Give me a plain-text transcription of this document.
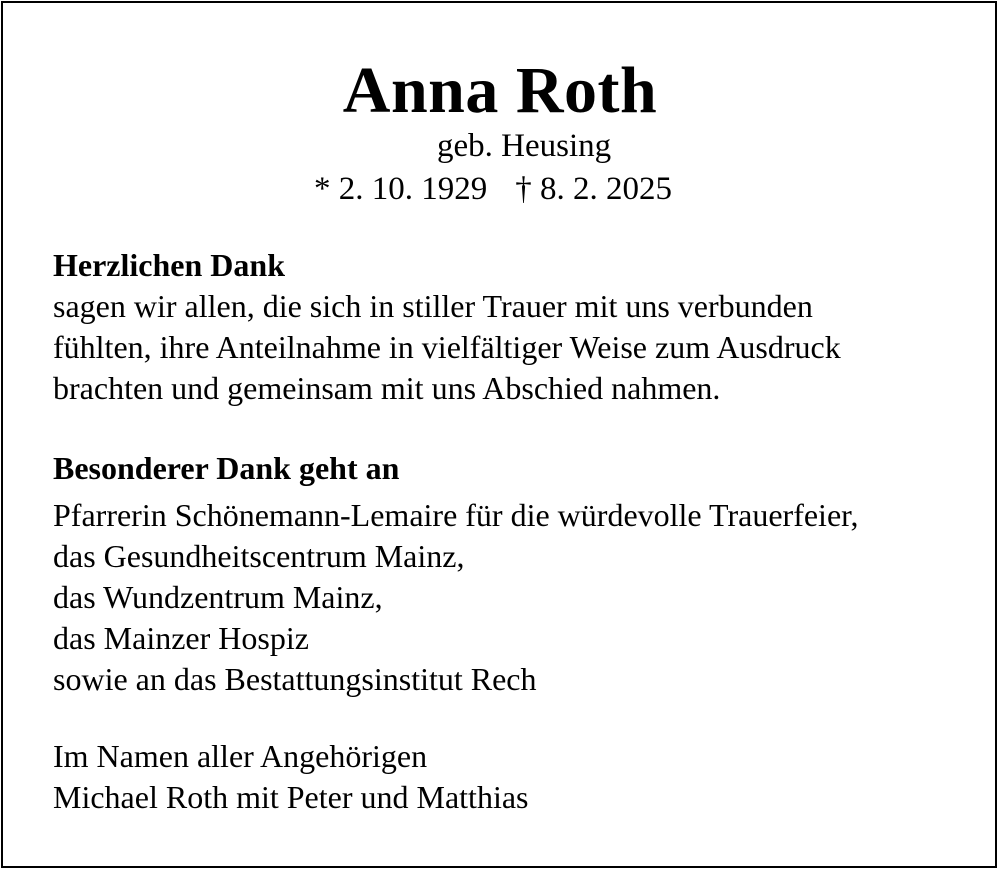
Anna Roth
geb. Heusing
* 2. 10. 1929 † 8. 2. 2025
Herzlichen Dank
sagen wir allen, die sich in stiller Trauer mit uns verbunden
fühlten, ihre Anteilnahme in vielfältiger Weise zum Ausdruck
brachten und gemeinsam mit uns Abschied nahmen.
Besonderer Dank geht an
Pfarrerin Schönemann-Lemaire für die würdevolle Trauerfeier,
das Gesundheitscentrum Mainz,
das Wundzentrum Mainz,
das Mainzer Hospiz
sowie an das Bestattungsinstitut Rech
Im Namen aller Angehörigen
Michael Roth mit Peter und Matthias
